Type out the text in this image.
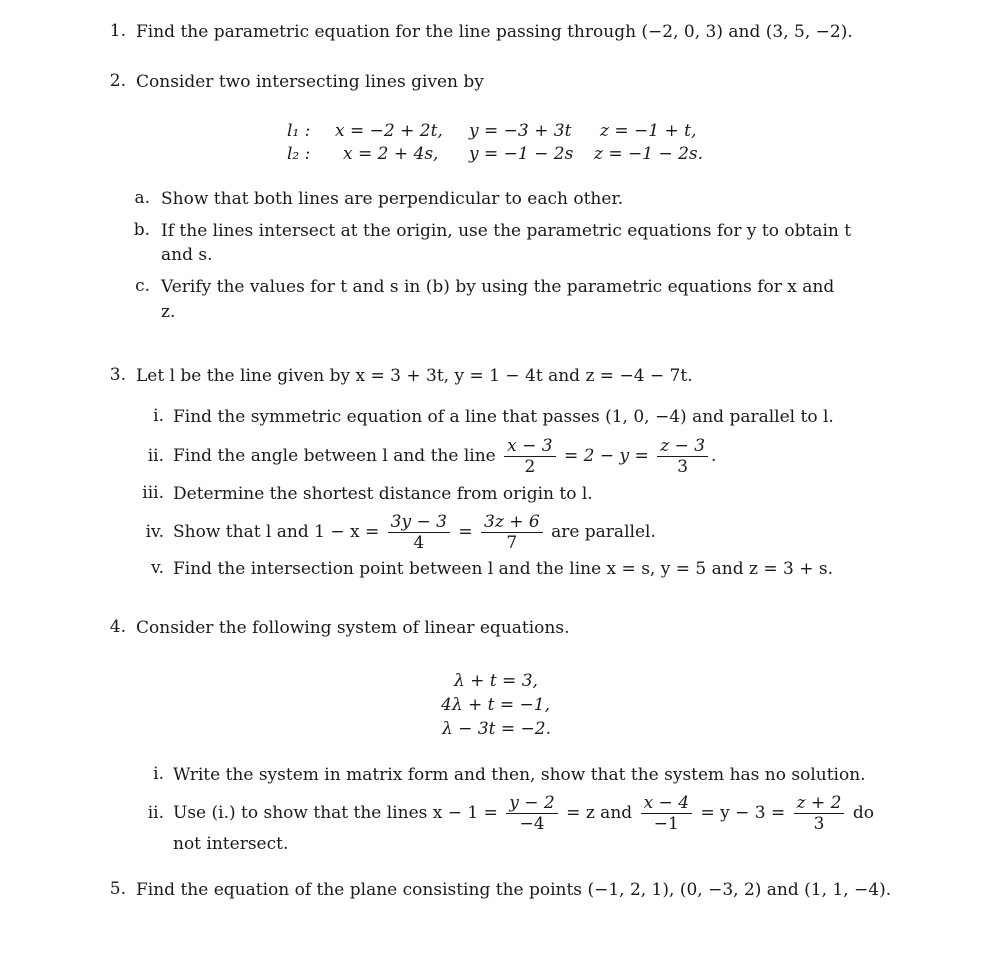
1. Find the parametric equation for the line passing through (−2, 0, 3) and (3, 5, −2).
2. Consider two intersecting lines given by
l₁ : x = −2 + 2t, y = −3 + 3t z = −1 + t,
l₂ : x = 2 + 4s, y = −1 − 2s z = −1 − 2s.
a. Show that both lines are perpendicular to each other.
b. If the lines intersect at the origin, use the parametric equations for y to obtain t
and s.
c. Verify the values for t and s in (b) by using the parametric equations for x and
z.
3. Let l be the line given by x = 3 + 3t, y = 1 − 4t and z = −4 − 7t.
i. Find the symmetric equation of a line that passes (1, 0, −4) and parallel to l.
ii. Find the angle between l and the line $\frac{x - 3}{2} = 2 - y = \frac{z - 3}{3}$ .
iii. Determine the shortest distance from origin to l.
iv. Show that l and $1 - x = \frac{3y - 3}{4} = \frac{3z + 6}{7}$ are parallel.
v. Find the intersection point between l and the line x = s, y = 5 and z = 3 + s.
4. Consider the following system of linear equations.
λ + t = 3,
4λ + t = −1,
λ − 3t = −2.
i. Write the system in matrix form and then, show that the system has no solution.
ii. Use (i.) to show that the lines $x - 1 = \frac{y - 2}{-4} = z$ and $\frac{x - 4}{-1} = y - 3 = \frac{z + 2}{3}$ do
not intersect.
5. Find the equation of the plane consisting the points (−1, 2, 1), (0, −3, 2) and (1, 1, −4).
